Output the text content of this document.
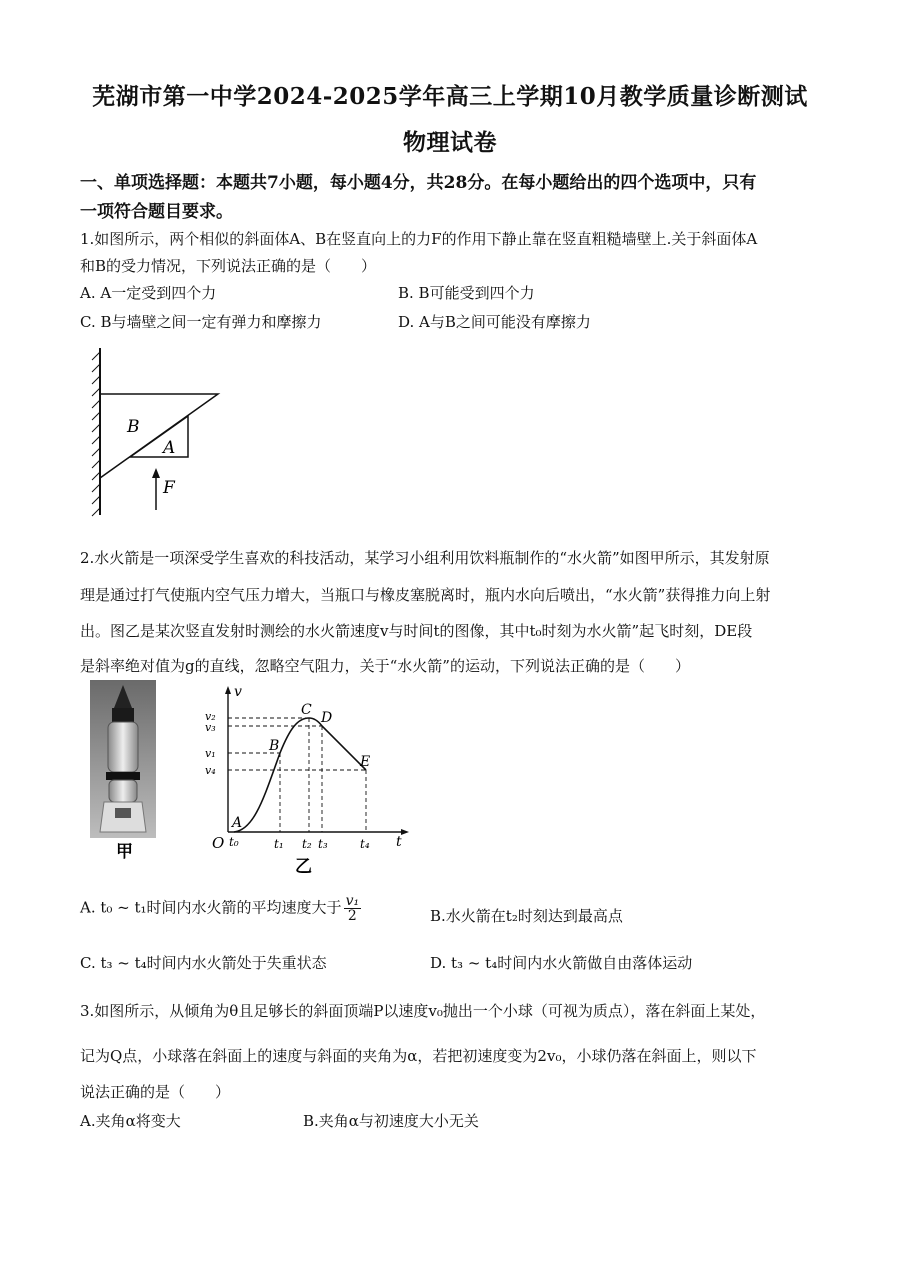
芜湖市第一中学2024-2025学年高三上学期10月教学质量诊断测试
物理试卷
一、单项选择题：本题共7小题，每小题4分，共28分。在每小题给出的四个选项中，只有
一项符合题目要求。
1.如图所示，两个相似的斜面体A、B在竖直向上的力F的作用下静止靠在竖直粗糙墙壁上.关于斜面体A
和B的受力情况，下列说法正确的是（　　）
A. A一定受到四个力	B. B可能受到四个力
C. B与墙壁之间一定有弹力和摩擦力	D. A与B之间可能没有摩擦力
B
A
F
2.水火箭是一项深受学生喜欢的科技活动，某学习小组利用饮料瓶制作的“水火箭”如图甲所示，其发射原
理是通过打气使瓶内空气压力增大，当瓶口与橡皮塞脱离时，瓶内水向后喷出，“水火箭”获得推力向上射
出。图乙是某次竖直发射时测绘的水火箭速度v与时间t的图像，其中t₀时刻为水火箭”起飞时刻，DE段
是斜率绝对值为g的直线，忽略空气阻力，关于“水火箭”的运动，下列说法正确的是（　　）
甲
v
t
O
v₂
v₃
v₁
v₄
t₀	t₁ t₂ t₃	t₄
A
B
C D
E
乙
A. t₀ ~ t₁时间内水火箭的平均速度大于 $\frac{\text{v₁}}{2}$	B.水火箭在t₂时刻达到最高点
C. t₃ ~ t₄时间内水火箭处于失重状态	D. t₃ ~ t₄时间内水火箭做自由落体运动
3.如图所示，从倾角为θ且足够长的斜面顶端P以速度v₀抛出一个小球（可视为质点），落在斜面上某处，
记为Q点，小球落在斜面上的速度与斜面的夹角为α，若把初速度变为2v₀，小球仍落在斜面上，则以下
说法正确的是（　　）
A.夹角α将变大	B.夹角α与初速度大小无关
